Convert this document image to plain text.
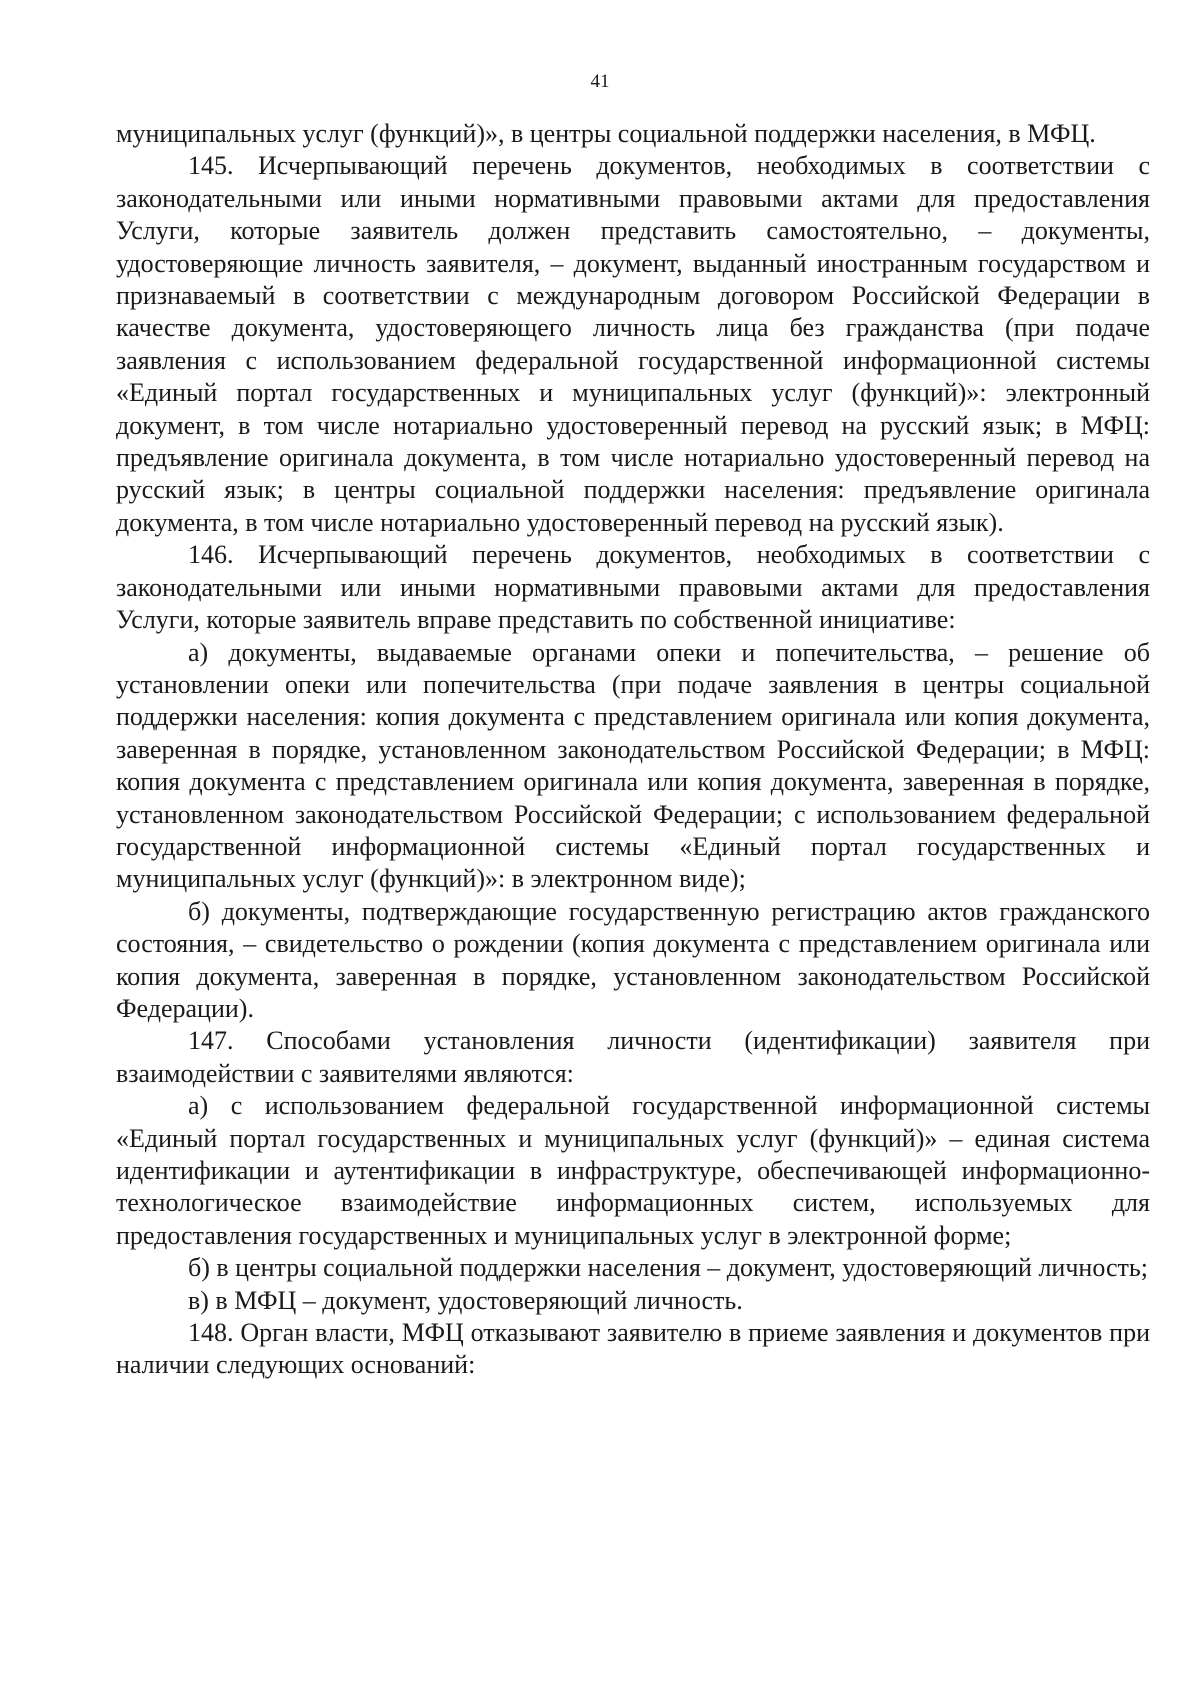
41

муниципальных услуг (функций)», в центры социальной поддержки населения, в МФЦ.

145. Исчерпывающий перечень документов, необходимых в соответствии с законодательными или иными нормативными правовыми актами для предоставления Услуги, которые заявитель должен представить самостоятельно, – документы, удостоверяющие личность заявителя, – документ, выданный иностранным государством и признаваемый в соответствии с международным договором Российской Федерации в качестве документа, удостоверяющего личность лица без гражданства (при подаче заявления с использованием федеральной государственной информационной системы «Единый портал государственных и муниципальных услуг (функций)»: электронный документ, в том числе нотариально удостоверенный перевод на русский язык; в МФЦ: предъявление оригинала документа, в том числе нотариально удостоверенный перевод на русский язык; в центры социальной поддержки населения: предъявление оригинала документа, в том числе нотариально удостоверенный перевод на русский язык).

146. Исчерпывающий перечень документов, необходимых в соответствии с законодательными или иными нормативными правовыми актами для предоставления Услуги, которые заявитель вправе представить по собственной инициативе:

а) документы, выдаваемые органами опеки и попечительства, – решение об установлении опеки или попечительства (при подаче заявления в центры социальной поддержки населения: копия документа с представлением оригинала или копия документа, заверенная в порядке, установленном законодательством Российской Федерации; в МФЦ: копия документа с представлением оригинала или копия документа, заверенная в порядке, установленном законодательством Российской Федерации; с использованием федеральной государственной информационной системы «Единый портал государственных и муниципальных услуг (функций)»: в электронном виде);

б) документы, подтверждающие государственную регистрацию актов гражданского состояния, – свидетельство о рождении (копия документа с представлением оригинала или копия документа, заверенная в порядке, установленном законодательством Российской Федерации).

147. Способами установления личности (идентификации) заявителя при взаимодействии с заявителями являются:

а) с использованием федеральной государственной информационной системы «Единый портал государственных и муниципальных услуг (функций)» – единая система идентификации и аутентификации в инфраструктуре, обеспечивающей информационно-технологическое взаимодействие информационных систем, используемых для предоставления государственных и муниципальных услуг в электронной форме;

б) в центры социальной поддержки населения – документ, удостоверяющий личность;

в) в МФЦ – документ, удостоверяющий личность.

148. Орган власти, МФЦ отказывают заявителю в приеме заявления и документов при наличии следующих оснований:
